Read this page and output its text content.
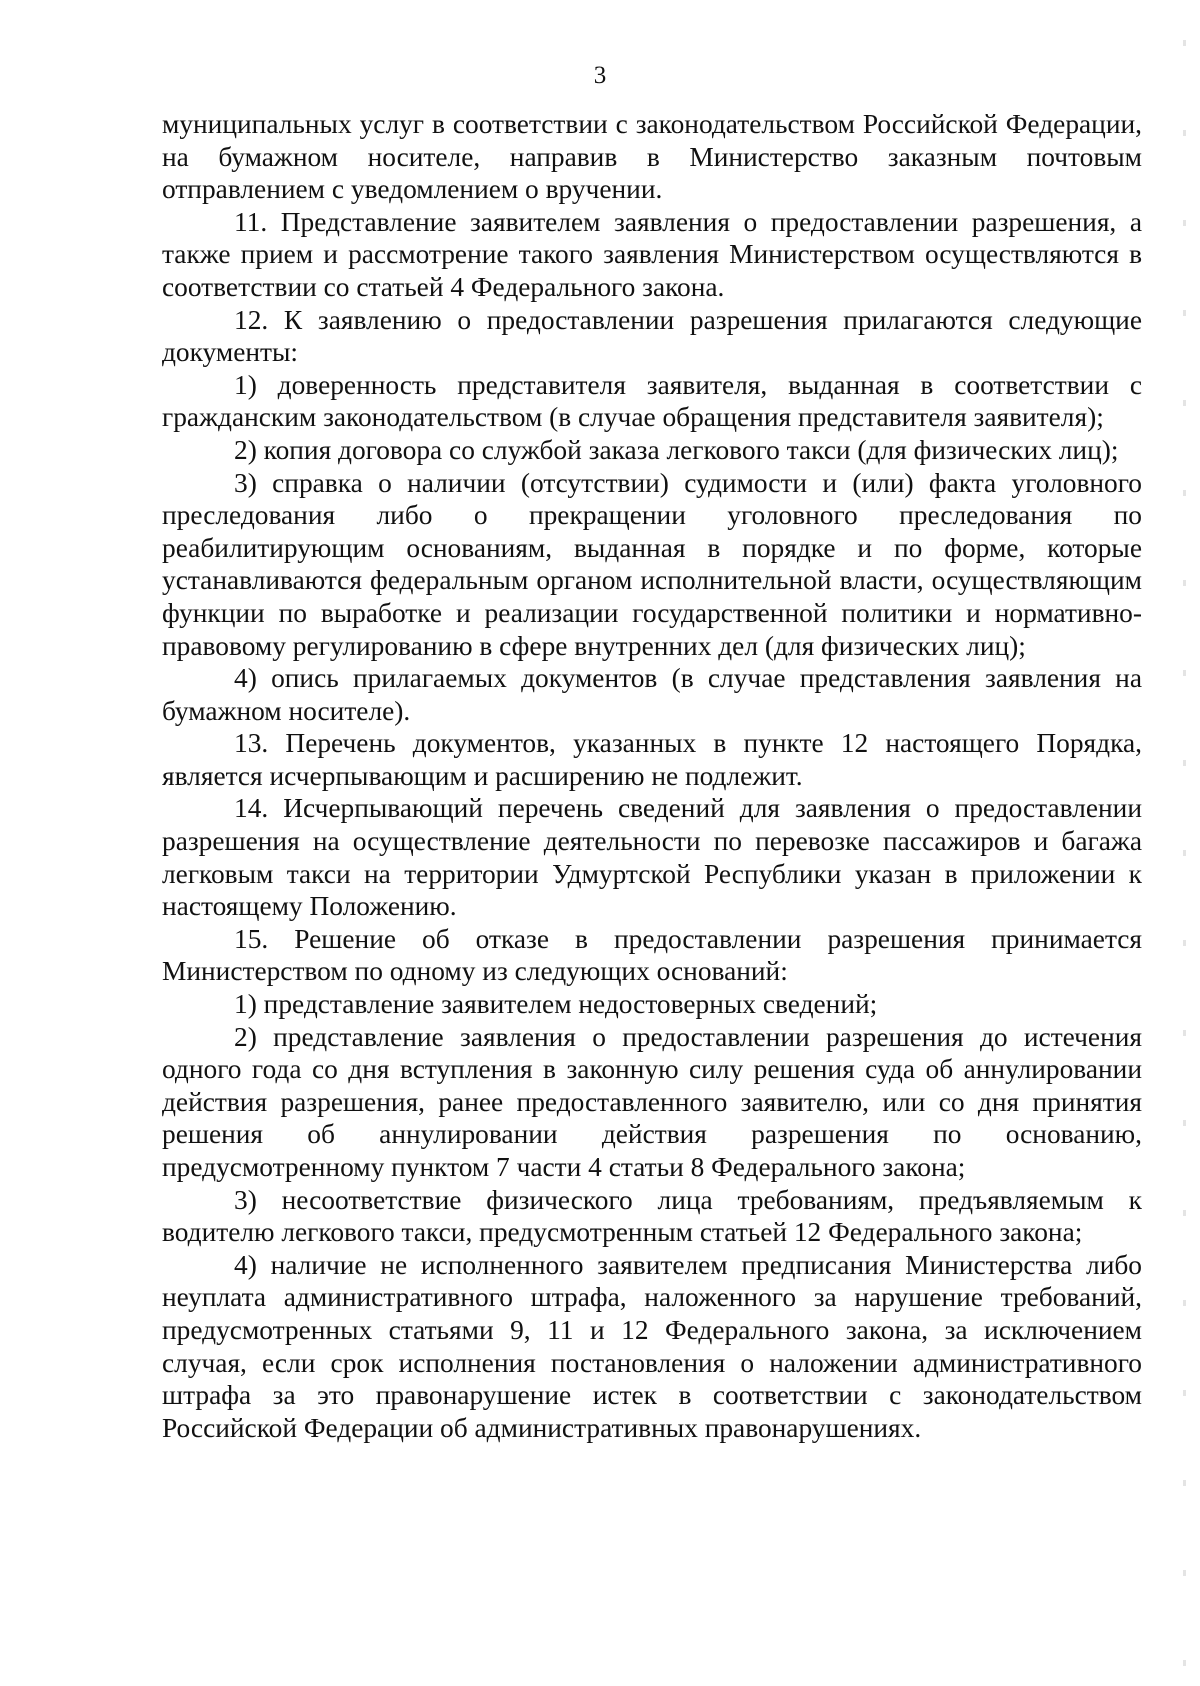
3

муниципальных услуг в соответствии с законодательством Российской Федерации, на бумажном носителе, направив в Министерство заказным почтовым отправлением с уведомлением о вручении.

11. Представление заявителем заявления о предоставлении разрешения, а также прием и рассмотрение такого заявления Министерством осуществляются в соответствии со статьей 4 Федерального закона.

12. К заявлению о предоставлении разрешения прилагаются следующие документы:

1) доверенность представителя заявителя, выданная в соответствии с гражданским законодательством (в случае обращения представителя заявителя);

2) копия договора со службой заказа легкового такси (для физических лиц);

3) справка о наличии (отсутствии) судимости и (или) факта уголовного преследования либо о прекращении уголовного преследования по реабилитирующим основаниям, выданная в порядке и по форме, которые устанавливаются федеральным органом исполнительной власти, осуществляющим функции по выработке и реализации государственной политики и нормативно-правовому регулированию в сфере внутренних дел (для физических лиц);

4) опись прилагаемых документов (в случае представления заявления на бумажном носителе).

13. Перечень документов, указанных в пункте 12 настоящего Порядка, является исчерпывающим и расширению не подлежит.

14. Исчерпывающий перечень сведений для заявления о предоставлении разрешения на осуществление деятельности по перевозке пассажиров и багажа легковым такси на территории Удмуртской Республики указан в приложении к настоящему Положению.

15. Решение об отказе в предоставлении разрешения принимается Министерством по одному из следующих оснований:

1) представление заявителем недостоверных сведений;

2) представление заявления о предоставлении разрешения до истечения одного года со дня вступления в законную силу решения суда об аннулировании действия разрешения, ранее предоставленного заявителю, или со дня принятия решения об аннулировании действия разрешения по основанию, предусмотренному пунктом 7 части 4 статьи 8 Федерального закона;

3) несоответствие физического лица требованиям, предъявляемым к водителю легкового такси, предусмотренным статьей 12 Федерального закона;

4) наличие не исполненного заявителем предписания Министерства либо неуплата административного штрафа, наложенного за нарушение требований, предусмотренных статьями 9, 11 и 12 Федерального закона, за исключением случая, если срок исполнения постановления о наложении административного штрафа за это правонарушение истек в соответствии с законодательством Российской Федерации об административных правонарушениях.
